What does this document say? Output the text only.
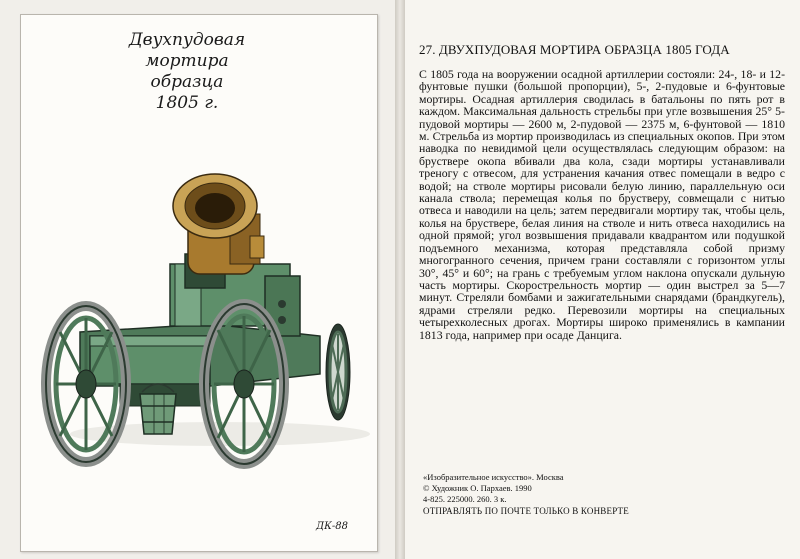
Двухпудовая
мортира
образца
1805 г.
ДК-88
27. ДВУХПУДОВАЯ МОРТИРА ОБРАЗЦА 1805 ГОДА
С 1805 года на вооружении осадной артиллерии состояли: 24-, 18- и 12-фунтовые пушки (большой пропорции), 5-, 2-пудовые и 6-фунтовые мортиры. Осадная артиллерия сводилась в батальоны по пять рот в каждом. Максимальная дальность стрельбы при угле возвышения 25° 5-пудовой мортиры — 2600 м, 2-пудовой — 2375 м, 6-фунтовой — 1810 м. Стрельба из мортир производилась из специальных окопов. При этом наводка по невидимой цели осуществлялась следующим образом: на бруствере окопа вбивали два кола, сзади мортиры устанавливали треногу с отвесом, для устранения качания отвес помещали в ведро с водой; на стволе мортиры рисовали белую линию, параллельную оси канала ствола; перемещая колья по брустверу, совмещали с нитью отвеса и наводили на цель; затем передвигали мортиру так, чтобы цель, колья на бруствере, белая линия на стволе и нить отвеса находились на одной прямой; угол возвышения придавали квадрантом или подушкой подъемного механизма, которая представляла собой призму многогранного сечения, причем грани составляли с горизонтом углы 30°, 45° и 60°; на грань с требуемым углом наклона опускали дульную часть мортиры. Скорострельность мортир — один выстрел за 5—7 минут. Стреляли бомбами и зажигательными снарядами (брандкугель), ядрами стреляли редко. Перевозили мортиры на специальных четырехколесных дрогах. Мортиры широко применялись в кампании 1813 года, например при осаде Данцига.
«Изобразительное искусство». Москва
© Художник О. Пархаев. 1990
4-825. 225000. 260. 3 к.
ОТПРАВЛЯТЬ ПО ПОЧТЕ ТОЛЬКО В КОНВЕРТЕ
